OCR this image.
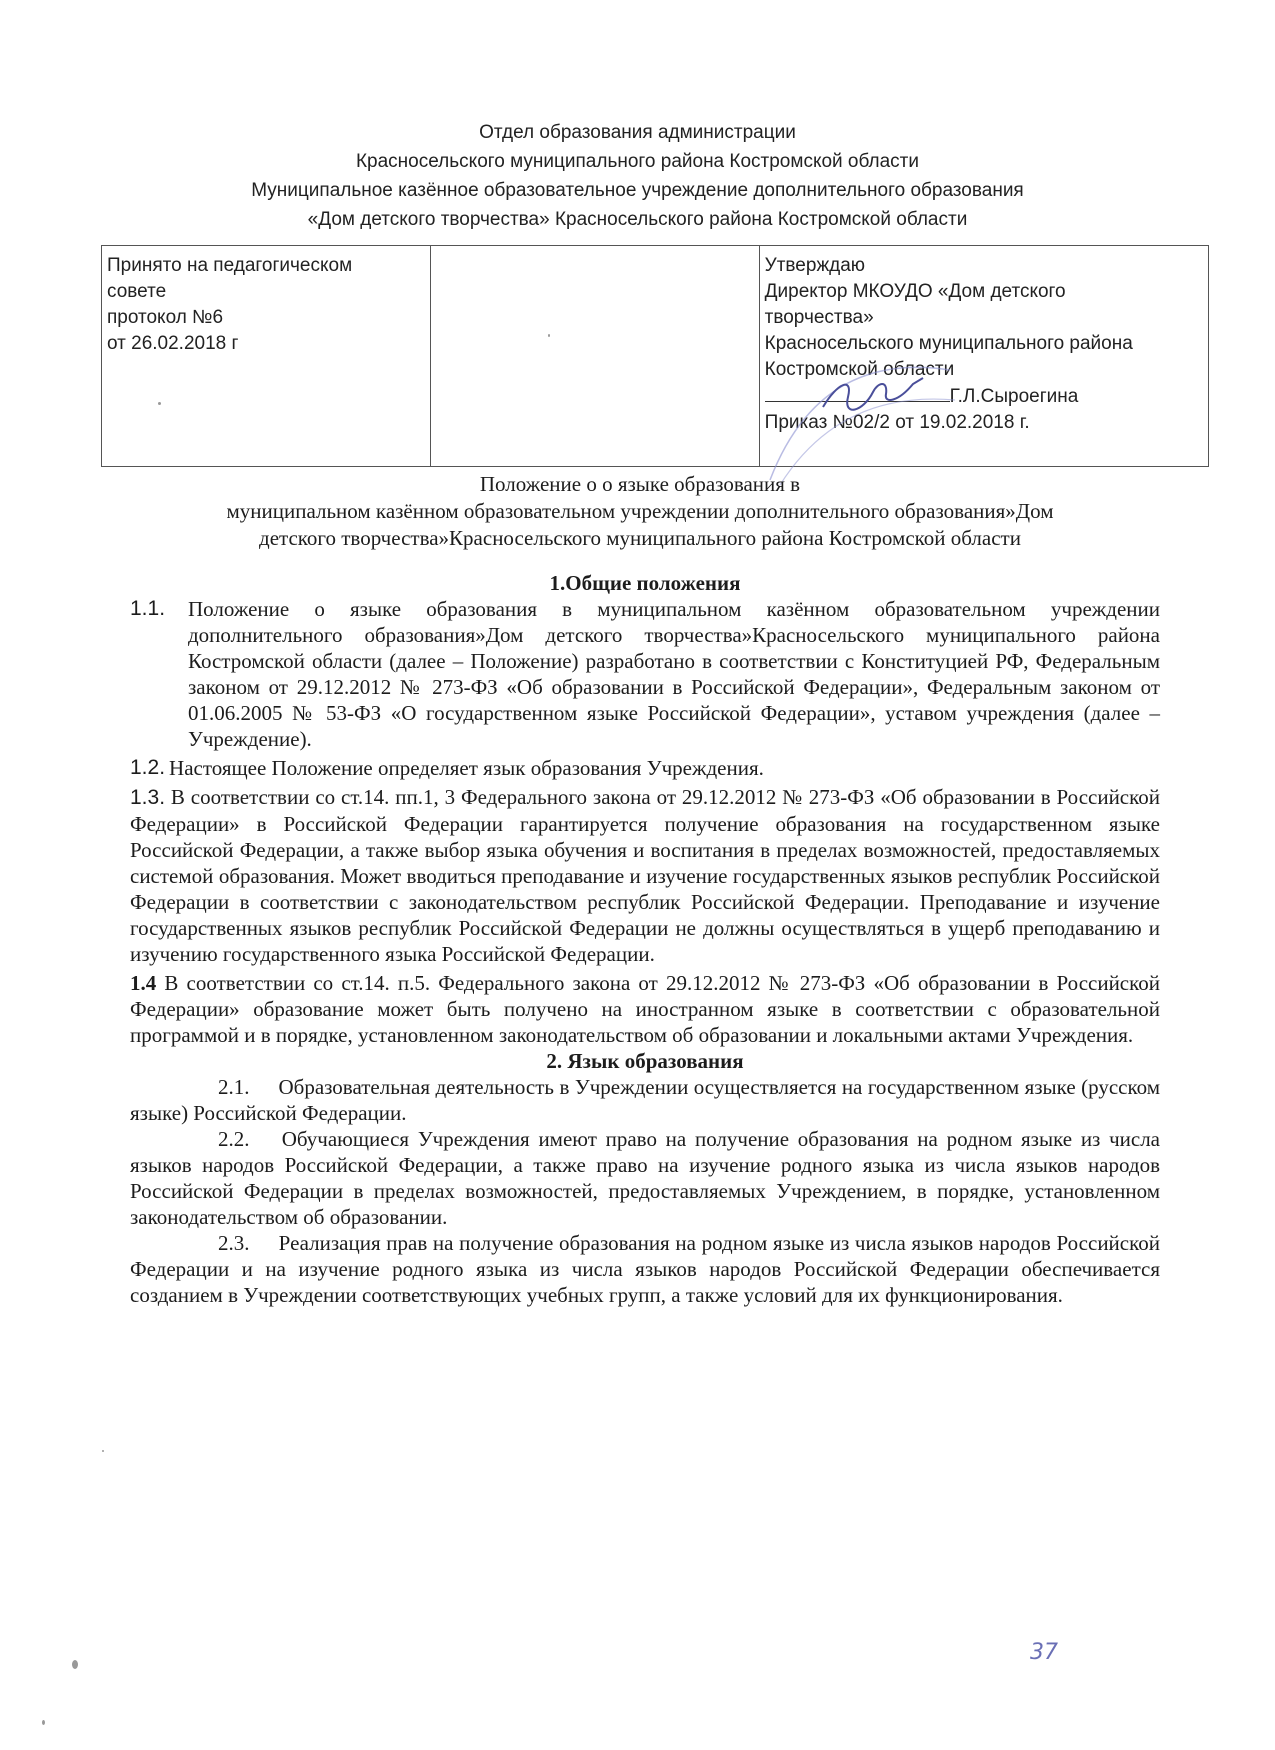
Отдел образования администрации
Красносельского муниципального района Костромской области
Муниципальное казённое образовательное учреждение дополнительного образования
«Дом детского творчества» Красносельского района Костромской области
Принято на педагогическом
совете
протокол №6
от 26.02.2018 г

Утверждаю
Директор МКОУДО «Дом детского
творчества»
Красносельского муниципального района
Костромской области
Г.Л.Сыроегина
Приказ №02/2 от 19.02.2018 г.
Положение о о языке образования в
муниципальном казённом образовательном учреждении дополнительного образования»Дом
детского творчества»Красносельского муниципального района Костромской области
1.Общие положения
1.1.	Положение о языке образования в муниципальном казённом образовательном учреждении дополнительного образования»Дом детского творчества»Красносельского муниципального района Костромской области (далее – Положение) разработано в соответствии с Конституцией РФ, Федеральным законом от 29.12.2012 № 273-ФЗ «Об образовании в Российской Федерации», Федеральным законом от 01.06.2005 № 53-ФЗ «О государственном языке Российской Федерации», уставом учреждения (далее – Учреждение).
1.2. Настоящее Положение определяет язык образования Учреждения.

1.3. В соответствии со ст.14. пп.1, 3 Федерального закона от 29.12.2012 № 273-ФЗ «Об образовании в Российской Федерации» в Российской Федерации гарантируется получение образования на государственном языке Российской Федерации, а также выбор языка обучения и воспитания в пределах возможностей, предоставляемых системой образования. Может вводиться преподавание и изучение государственных языков республик Российской Федерации в соответствии с законодательством республик Российской Федерации. Преподавание и изучение государственных языков республик Российской Федерации не должны осуществляться в ущерб преподаванию и изучению государственного языка Российской Федерации.

1.4 В соответствии со ст.14. п.5. Федерального закона от 29.12.2012 № 273-ФЗ «Об образовании в Российской Федерации» образование может быть получено на иностранном языке в соответствии с образовательной программой и в порядке, установленном законодательством об образовании и локальными актами Учреждения.

2. Язык образования

2.1. Образовательная деятельность в Учреждении осуществляется на государственном языке (русском языке) Российской Федерации.

2.2. Обучающиеся Учреждения имеют право на получение образования на родном языке из числа языков народов Российской Федерации, а также право на изучение родного языка из числа языков народов Российской Федерации в пределах возможностей, предоставляемых Учреждением, в порядке, установленном законодательством об образовании.

2.3. Реализация прав на получение образования на родном языке из числа языков народов Российской Федерации и на изучение родного языка из числа языков народов Российской Федерации обеспечивается созданием в Учреждении соответствующих учебных групп, а также условий для их функционирования.

37
